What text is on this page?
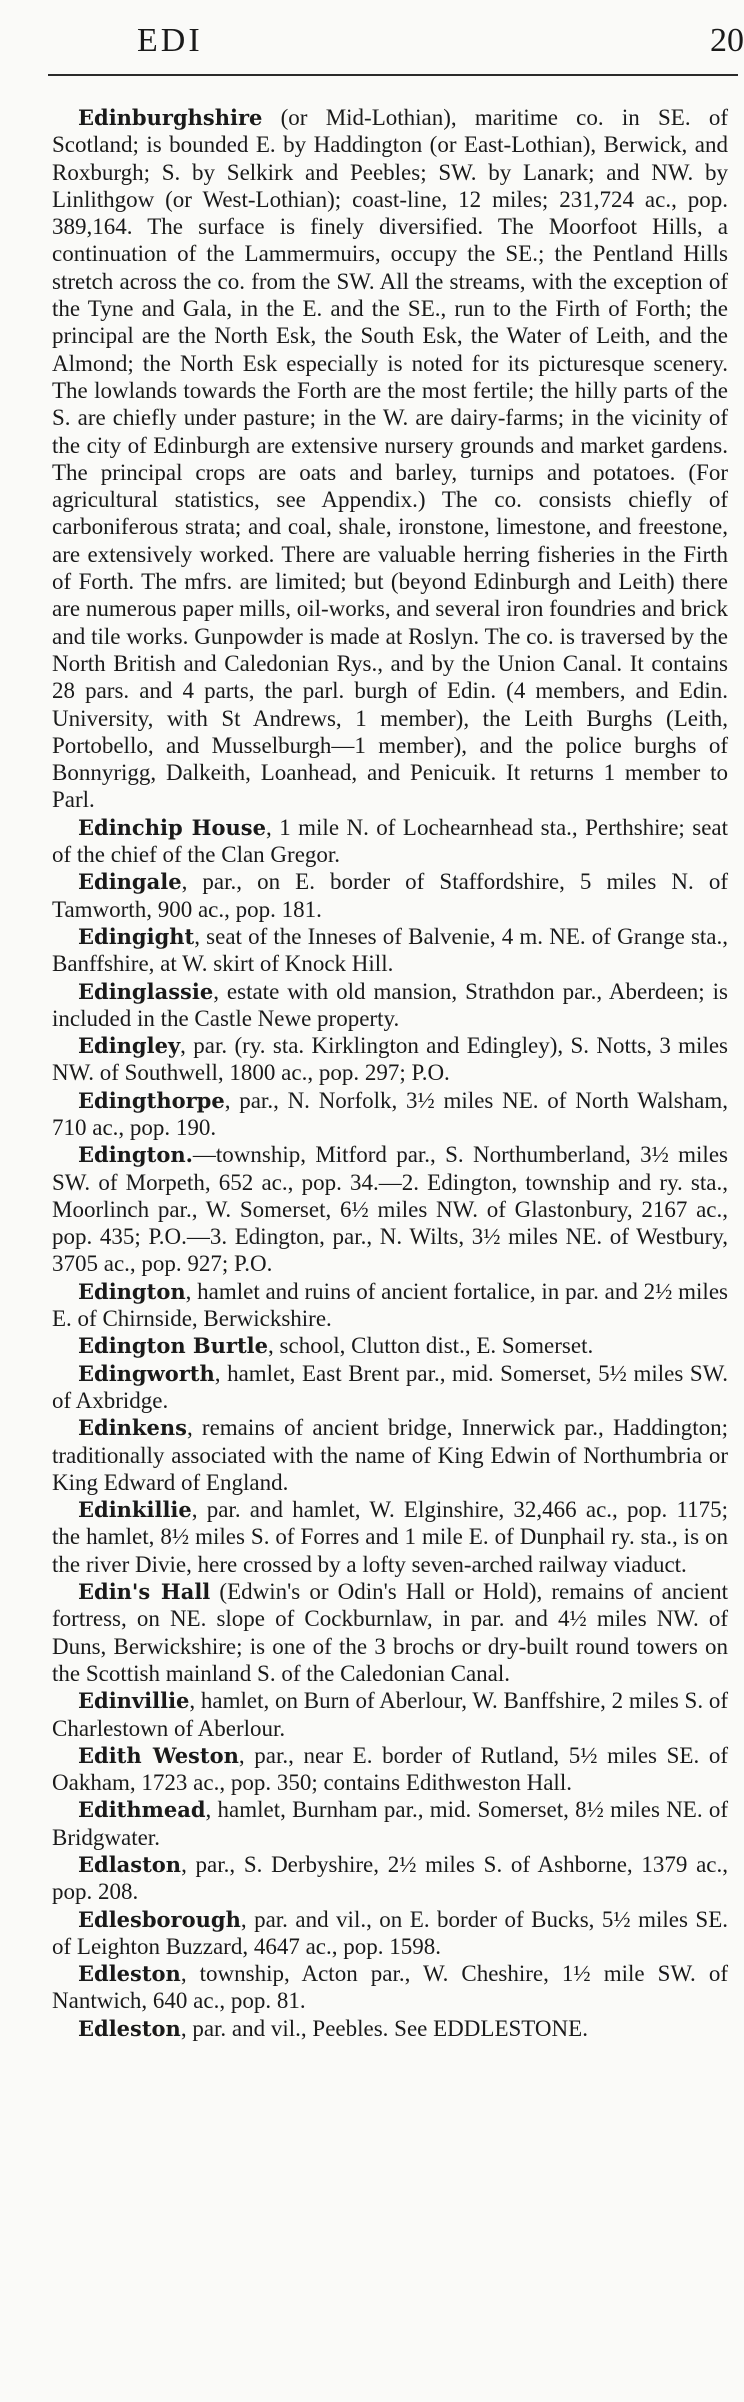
EDI	20

Edinburghshire (or Mid-Lothian), maritime co. in SE. of Scotland; is bounded E. by Haddington (or East-Lothian), Berwick, and Roxburgh; S. by Selkirk and Peebles; SW. by Lanark; and NW. by Linlithgow (or West-Lothian); coast-line, 12 miles; 231,724 ac., pop. 389,164. The surface is finely diversified. The Moorfoot Hills, a continuation of the Lammermuirs, occupy the SE.; the Pentland Hills stretch across the co. from the SW. All the streams, with the exception of the Tyne and Gala, in the E. and the SE., run to the Firth of Forth; the principal are the North Esk, the South Esk, the Water of Leith, and the Almond; the North Esk especially is noted for its picturesque scenery. The lowlands towards the Forth are the most fertile; the hilly parts of the S. are chiefly under pasture; in the W. are dairy-farms; in the vicinity of the city of Edinburgh are extensive nursery grounds and market gardens. The principal crops are oats and barley, turnips and potatoes. (For agricultural statistics, see Appendix.) The co. consists chiefly of carboniferous strata; and coal, shale, ironstone, limestone, and freestone, are extensively worked. There are valuable herring fisheries in the Firth of Forth. The mfrs. are limited; but (beyond Edinburgh and Leith) there are numerous paper mills, oil-works, and several iron foundries and brick and tile works. Gunpowder is made at Roslyn. The co. is traversed by the North British and Caledonian Rys., and by the Union Canal. It contains 28 pars. and 4 parts, the parl. burgh of Edin. (4 members, and Edin. University, with St Andrews, 1 member), the Leith Burghs (Leith, Portobello, and Musselburgh—1 member), and the police burghs of Bonnyrigg, Dalkeith, Loanhead, and Penicuik. It returns 1 member to Parl.

Edinchip House, 1 mile N. of Lochearnhead sta., Perthshire; seat of the chief of the Clan Gregor.

Edingale, par., on E. border of Staffordshire, 5 miles N. of Tamworth, 900 ac., pop. 181.

Edingight, seat of the Inneses of Balvenie, 4 m. NE. of Grange sta., Banffshire, at W. skirt of Knock Hill.

Edinglassie, estate with old mansion, Strathdon par., Aberdeen; is included in the Castle Newe property.

Edingley, par. (ry. sta. Kirklington and Edingley), S. Notts, 3 miles NW. of Southwell, 1800 ac., pop. 297; P.O.

Edingthorpe, par., N. Norfolk, 3½ miles NE. of North Walsham, 710 ac., pop. 190.

Edington.—township, Mitford par., S. Northumberland, 3½ miles SW. of Morpeth, 652 ac., pop. 34.—2. Edington, township and ry. sta., Moorlinch par., W. Somerset, 6½ miles NW. of Glastonbury, 2167 ac., pop. 435; P.O.—3. Edington, par., N. Wilts, 3½ miles NE. of Westbury, 3705 ac., pop. 927; P.O.

Edington, hamlet and ruins of ancient fortalice, in par. and 2½ miles E. of Chirnside, Berwickshire.

Edington Burtle, school, Clutton dist., E. Somerset.

Edingworth, hamlet, East Brent par., mid. Somerset, 5½ miles SW. of Axbridge.

Edinkens, remains of ancient bridge, Innerwick par., Haddington; traditionally associated with the name of King Edwin of Northumbria or King Edward of England.

Edinkillie, par. and hamlet, W. Elginshire, 32,466 ac., pop. 1175; the hamlet, 8½ miles S. of Forres and 1 mile E. of Dunphail ry. sta., is on the river Divie, here crossed by a lofty seven-arched railway viaduct.

Edin's Hall (Edwin's or Odin's Hall or Hold), remains of ancient fortress, on NE. slope of Cockburnlaw, in par. and 4½ miles NW. of Duns, Berwickshire; is one of the 3 brochs or dry-built round towers on the Scottish mainland S. of the Caledonian Canal.

Edinvillie, hamlet, on Burn of Aberlour, W. Banffshire, 2 miles S. of Charlestown of Aberlour.

Edith Weston, par., near E. border of Rutland, 5½ miles SE. of Oakham, 1723 ac., pop. 350; contains Edithweston Hall.

Edithmead, hamlet, Burnham par., mid. Somerset, 8½ miles NE. of Bridgwater.

Edlaston, par., S. Derbyshire, 2½ miles S. of Ashborne, 1379 ac., pop. 208.

Edlesborough, par. and vil., on E. border of Bucks, 5½ miles SE. of Leighton Buzzard, 4647 ac., pop. 1598.

Edleston, township, Acton par., W. Cheshire, 1½ mile SW. of Nantwich, 640 ac., pop. 81.

Edleston, par. and vil., Peebles. See EDDLESTONE.
